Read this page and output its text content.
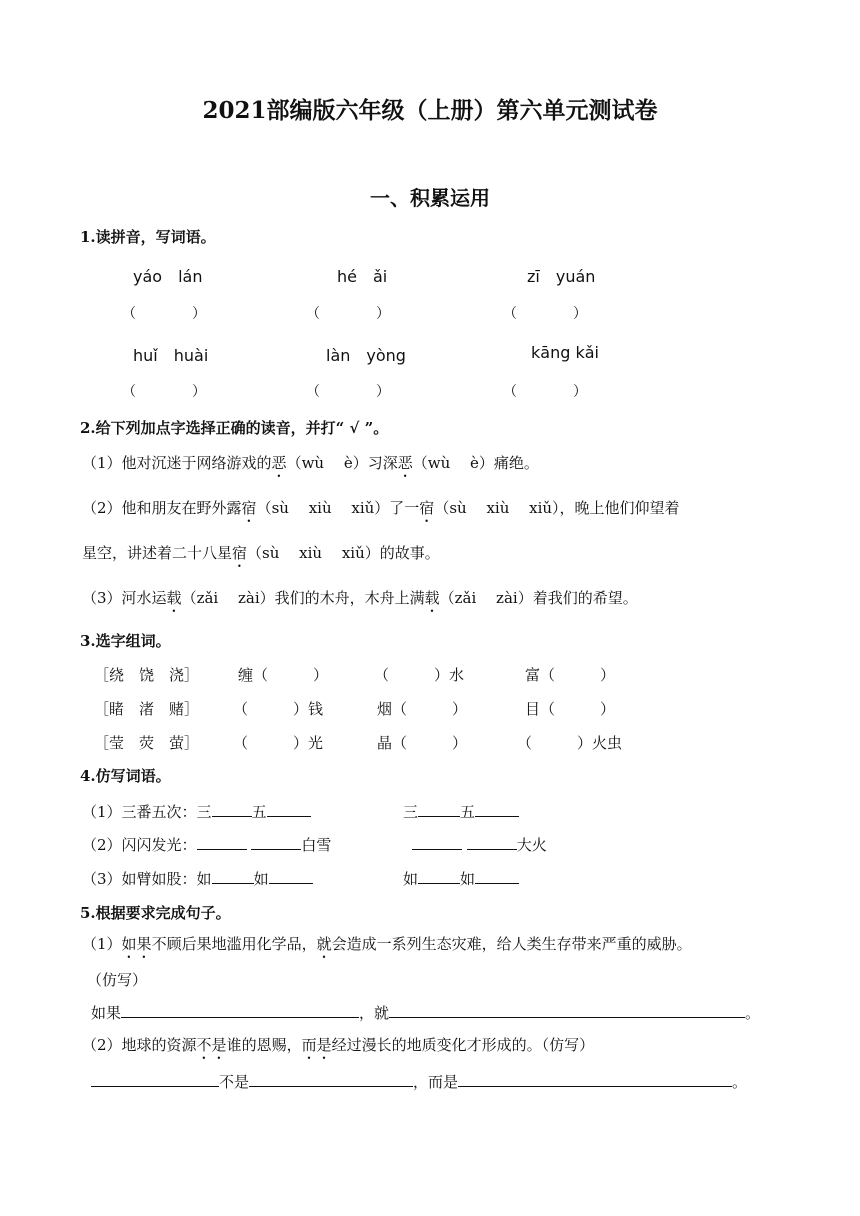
2021部编版六年级（上册）第六单元测试卷
一、积累运用
1.读拼音，写词语。
yáo　lán	hé　ǎi	zī　yuán
（　　　　）	（　　　　）	（　　　　）
huǐ　huài	làn　yòng	kāng kǎi
（　　　　）	（　　　　）	（　　　　）
2.给下列加点字选择正确的读音，并打“ √ ”。
（1）他对沉迷于网络游戏的恶（wù　 è）习深恶（wù　 è）痛绝。
（2）他和朋友在野外露宿（sù　 xiù　 xiǔ）了一宿（sù　 xiù　 xiǔ），晚上他们仰望着
星空，讲述着二十八星宿（sù　 xiù　 xiǔ）的故事。
（3）河水运载（zǎi　 zài）我们的木舟，木舟上满载（zǎi　 zài）着我们的希望。
3.选字组词。
［绕　饶　浇］	缠（　　　）	（　　　）水	富（　　　）
［睹　渚　赌］ （　　　）钱	烟（　　　）	目（　　　）
［莹　荧　萤］ （　　　）光	晶（　　　）	（　　　）火虫
4.仿写词语。
（1）三番五次：三	五	三	五
（2）闪闪发光：	白雪	大火
（3）如臂如股：如	如	如	如
5.根据要求完成句子。
（1）如果不顾后果地滥用化学品，就会造成一系列生态灾难，给人类生存带来严重的威胁。
（仿写）
如果	，就	。
（2）地球的资源不是谁的恩赐，而是经过漫长的地质变化才形成的。（仿写）
不是	，而是	。
